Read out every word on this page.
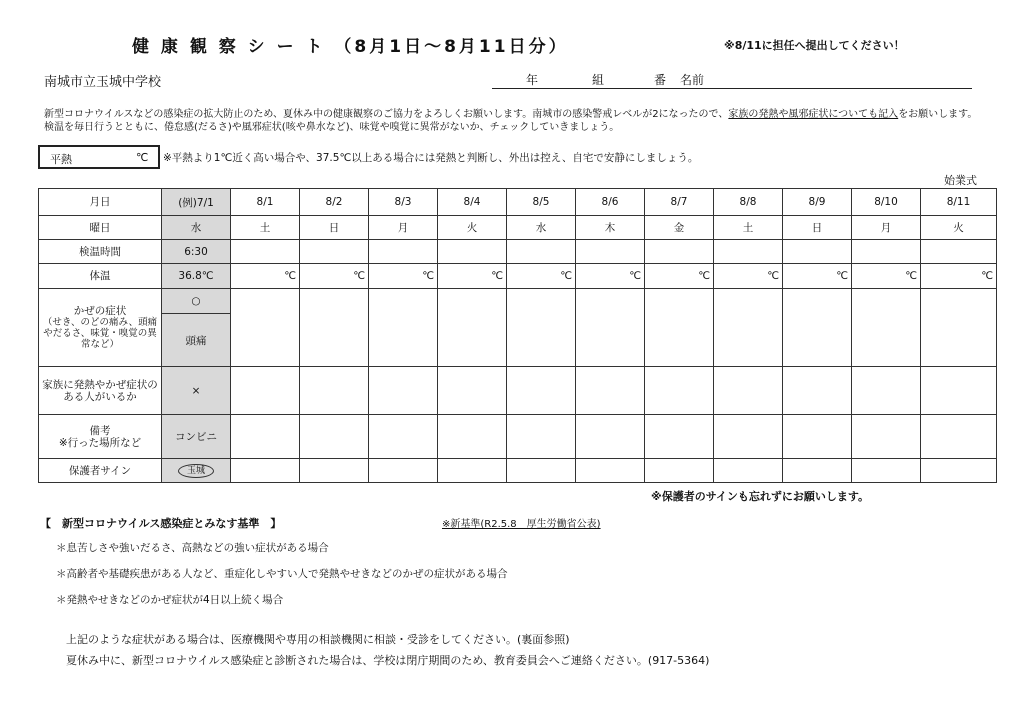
健 康 観 察 シ ー ト （8月1日〜8月11日分）	※8/11に担任へ提出してください！
南城市立玉城中学校	年	組	番 名前
新型コロナウイルスなどの感染症の拡大防止のため、夏休み中の健康観察のご協力をよろしくお願いします。南城市の感染警戒レベルが2になったので、家族の発熱や風邪症状についても記入をお願いします。検温を毎日行うとともに、倦怠感(だるさ)や風邪症状(咳や鼻水など)、味覚や嗅覚に異常がないか、チェックしていきましょう。
平熱	℃ ※平熱より1℃近く高い場合や、37.5℃以上ある場合には発熱と判断し、外出は控え、自宅で安静にしましょう。
始業式
月日	(例)7/1	8/1	8/2	8/3	8/4	8/5	8/6	8/7	8/8	8/9	8/10	8/11
曜日	水	土	日	月	火	水	木	金	土	日	月	火
検温時間	6:30											
体温	36.8℃	℃	℃	℃	℃	℃	℃	℃	℃	℃	℃	℃

かぜの症状
（せき、のどの痛み、頭痛やだるさ、味覚・嗅覚の異常など）	○											
	頭痛											
家族に発熱やかぜ症状のある人がいるか	×											

備考
※行った場所など	コンビニ											
保護者サイン	玉城											
※保護者のサインも忘れずにお願いします。
【　新型コロナウイルス感染症とみなす基準　】	※新基準(R2.5.8　厚生労働省公表)
＊息苦しさや強いだるさ、高熱などの強い症状がある場合
＊高齢者や基礎疾患がある人など、重症化しやすい人で発熱やせきなどのかぜの症状がある場合
＊発熱やせきなどのかぜ症状が4日以上続く場合
上記のような症状がある場合は、医療機関や専用の相談機関に相談・受診をしてください。(裏面参照)
夏休み中に、新型コロナウイルス感染症と診断された場合は、学校は閉庁期間のため、教育委員会へご連絡ください。(917-5364)
